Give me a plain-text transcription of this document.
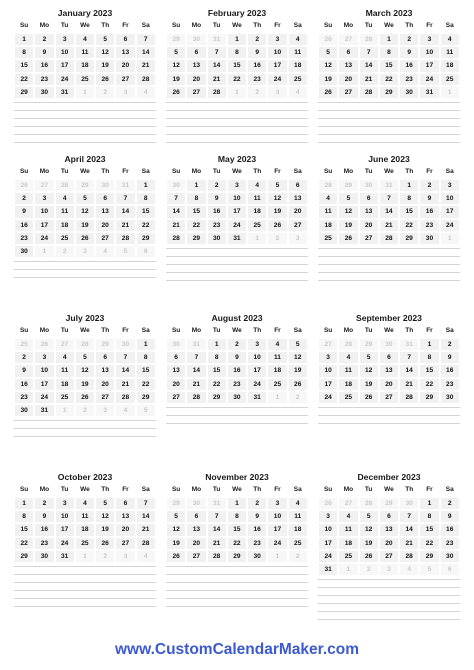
January 2023
Su	Mo	Tu	We	Th	Fr	Sa
1	2	3	4	5	6	7
8	9	10	11	12	13	14
15	16	17	18	19	20	21
22	23	24	25	26	27	28
29	30	31	1	2	3	4
February 2023
Su	Mo	Tu	We	Th	Fr	Sa
29	30	31	1	2	3	4
5	6	7	8	9	10	11
12	13	14	15	16	17	18
19	20	21	22	23	24	25
26	27	28	1	2	3	4
March 2023
Su	Mo	Tu	We	Th	Fr	Sa
26	27	28	1	2	3	4
5	6	7	8	9	10	11
12	13	14	15	16	17	18
19	20	21	22	23	24	25
26	27	28	29	30	31	1
April 2023
Su	Mo	Tu	We	Th	Fr	Sa
26	27	28	29	30	31	1
2	3	4	5	6	7	8
9	10	11	12	13	14	15
16	17	18	19	20	21	22
23	24	25	26	27	28	29
30	1	2	3	4	5	6
May 2023
Su	Mo	Tu	We	Th	Fr	Sa
30	1	2	3	4	5	6
7	8	9	10	11	12	13
14	15	16	17	18	19	20
21	22	23	24	25	26	27
28	29	30	31	1	2	3
June 2023
Su	Mo	Tu	We	Th	Fr	Sa
28	29	30	31	1	2	3
4	5	6	7	8	9	10
11	12	13	14	15	16	17
18	19	20	21	22	23	24
25	26	27	28	29	30	1
July 2023
Su	Mo	Tu	We	Th	Fr	Sa
25	26	27	28	29	30	1
2	3	4	5	6	7	8
9	10	11	12	13	14	15
16	17	18	19	20	21	22
23	24	25	26	27	28	29
30	31	1	2	3	4	5
August 2023
Su	Mo	Tu	We	Th	Fr	Sa
30	31	1	2	3	4	5
6	7	8	9	10	11	12
13	14	15	16	17	18	19
20	21	22	23	24	25	26
27	28	29	30	31	1	2
September 2023
Su	Mo	Tu	We	Th	Fr	Sa
27	28	29	30	31	1	2
3	4	5	6	7	8	9
10	11	12	13	14	15	16
17	18	19	20	21	22	23
24	25	26	27	28	29	30
October 2023
Su	Mo	Tu	We	Th	Fr	Sa
1	2	3	4	5	6	7
8	9	10	11	12	13	14
15	16	17	18	19	20	21
22	23	24	25	26	27	28
29	30	31	1	2	3	4
November 2023
Su	Mo	Tu	We	Th	Fr	Sa
29	30	31	1	2	3	4
5	6	7	8	9	10	11
12	13	14	15	16	17	18
19	20	21	22	23	24	25
26	27	28	29	30	1	2
December 2023
Su	Mo	Tu	We	Th	Fr	Sa
26	27	28	29	30	1	2
3	4	5	6	7	8	9
10	11	12	13	14	15	16
17	18	19	20	21	22	23
24	25	26	27	28	29	30
31	1	2	3	4	5	6
www.CustomCalendarMaker.com
